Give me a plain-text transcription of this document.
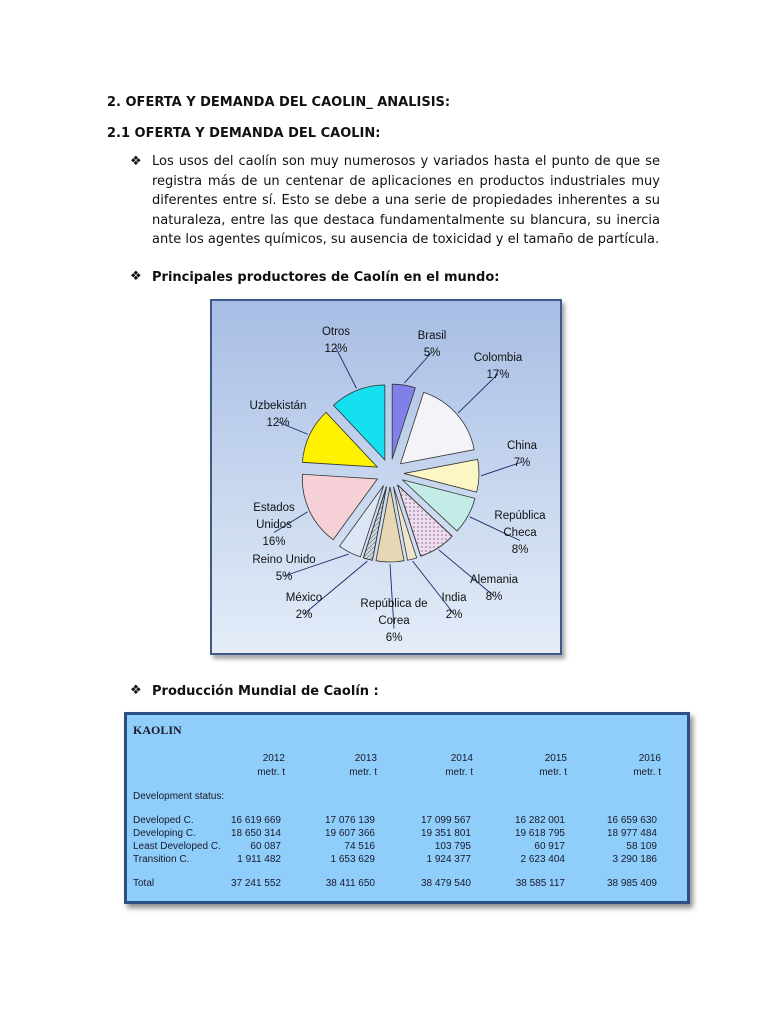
2. OFERTA Y DEMANDA DEL CAOLIN_ ANALISIS:
2.1 OFERTA Y DEMANDA DEL CAOLIN:
❖ Los usos del caolín son muy numerosos y variados hasta el punto de que se registra más de un centenar de aplicaciones en productos industriales muy diferentes entre sí. Esto se debe a una serie de propiedades inherentes a su naturaleza, entre las que destaca fundamentalmente su blancura, su inercia ante los agentes químicos, su ausencia de toxicidad y el tamaño de partícula.

❖ Principales productores de Caolín en el mundo:
Brasil
5%	Colombia
17%
China
7%
República
Checa
8%
Alemania
8%
India
2%
República de
Corea
6%
México
2%
Reino Unido
5%
Estados
Unidos
16%
Uzbekistán
12%
Otros
12%
❖ Producción Mundial de Caolín :
KAOLIN
2012	2013	2014	2015	2016
metr. t	metr. t	metr. t	metr. t	metr. t
Development status:
Developed C.	16 619 669	17 076 139	17 099 567	16 282 001	16 659 630
Developing C.	18 650 314	19 607 366	19 351 801	19 618 795	18 977 484
Least Developed C.	60 087	74 516	103 795	60 917	58 109
Transition C.	1 911 482	1 653 629	1 924 377	2 623 404	3 290 186
Total	37 241 552	38 411 650	38 479 540	38 585 117	38 985 409
